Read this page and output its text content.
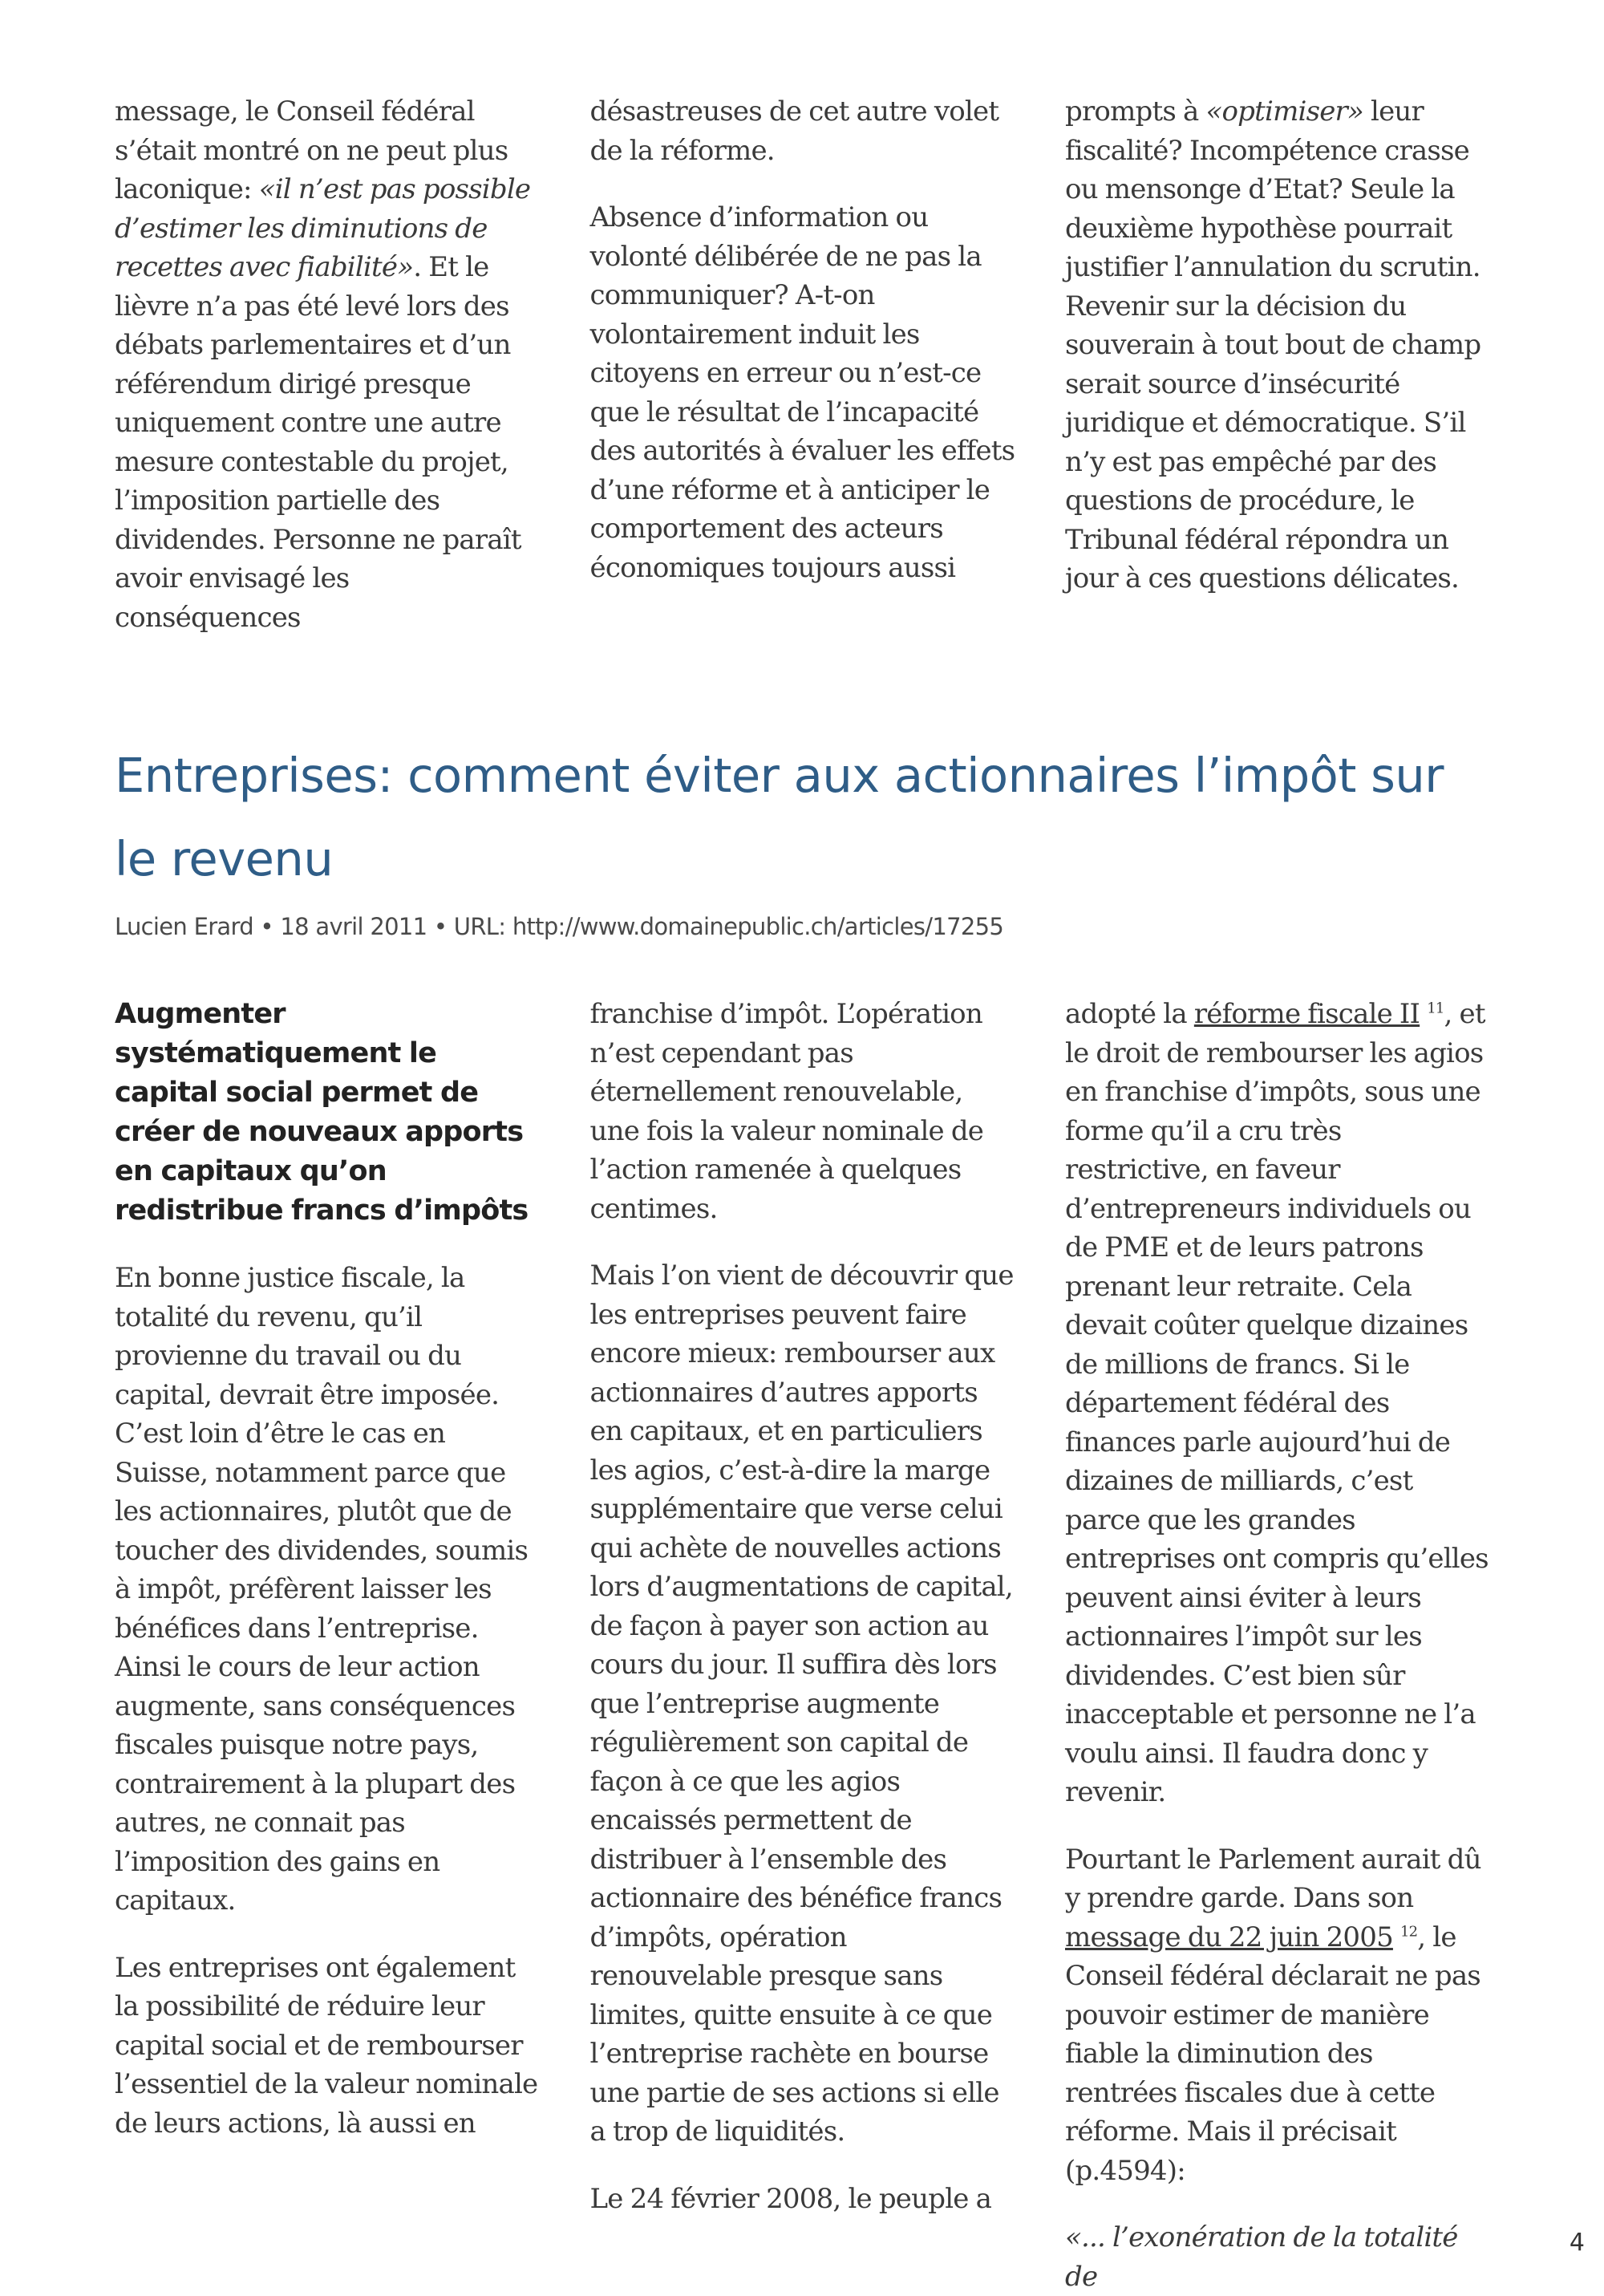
message, le Conseil fédéral s’était montré on ne peut plus laconique: «il n’est pas possible d’estimer les diminutions de recettes avec fiabilité». Et le lièvre n’a pas été levé lors des débats parlementaires et d’un référendum dirigé presque uniquement contre une autre mesure contestable du projet, l’imposition partielle des dividendes. Personne ne paraît avoir envisagé les conséquences

désastreuses de cet autre volet de la réforme.

Absence d’information ou volonté délibérée de ne pas la communiquer? A-t-on volontairement induit les citoyens en erreur ou n’est-ce que le résultat de l’incapacité des autorités à évaluer les effets d’une réforme et à anticiper le comportement des acteurs économiques toujours aussi

prompts à «optimiser» leur fiscalité? Incompétence crasse ou mensonge d’Etat? Seule la deuxième hypothèse pourrait justifier l’annulation du scrutin. Revenir sur la décision du souverain à tout bout de champ serait source d’insécurité juridique et démocratique. S’il n’y est pas empêché par des questions de procédure, le Tribunal fédéral répondra un jour à ces questions délicates.

Entreprises: comment éviter aux actionnaires l’impôt sur le revenu
Lucien Erard • 18 avril 2011 • URL: http://www.domainepublic.ch/articles/17255

Augmenter systématiquement le capital social permet de créer de nouveaux apports en capitaux qu’on redistribue francs d’impôts

En bonne justice fiscale, la totalité du revenu, qu’il provienne du travail ou du capital, devrait être imposée. C’est loin d’être le cas en Suisse, notamment parce que les actionnaires, plutôt que de toucher des dividendes, soumis à impôt, préfèrent laisser les bénéfices dans l’entreprise. Ainsi le cours de leur action augmente, sans conséquences fiscales puisque notre pays, contrairement à la plupart des autres, ne connait pas l’imposition des gains en capitaux.

Les entreprises ont également la possibilité de réduire leur capital social et de rembourser l’essentiel de la valeur nominale de leurs actions, là aussi en

franchise d’impôt. L’opération n’est cependant pas éternellement renouvelable, une fois la valeur nominale de l’action ramenée à quelques centimes.

Mais l’on vient de découvrir que les entreprises peuvent faire encore mieux: rembourser aux actionnaires d’autres apports en capitaux, et en particuliers les agios, c’est-à-dire la marge supplémentaire que verse celui qui achète de nouvelles actions lors d’augmentations de capital, de façon à payer son action au cours du jour. Il suffira dès lors que l’entreprise augmente régulièrement son capital de façon à ce que les agios encaissés permettent de distribuer à l’ensemble des actionnaire des bénéfice francs d’impôts, opération renouvelable presque sans limites, quitte ensuite à ce que l’entreprise rachète en bourse une partie de ses actions si elle a trop de liquidités.

Le 24 février 2008, le peuple a

adopté la réforme fiscale II $^{11}$, et le droit de rembourser les agios en franchise d’impôts, sous une forme qu’il a cru très restrictive, en faveur d’entrepreneurs individuels ou de PME et de leurs patrons prenant leur retraite. Cela devait coûter quelque dizaines de millions de francs. Si le département fédéral des finances parle aujourd’hui de dizaines de milliards, c’est parce que les grandes entreprises ont compris qu’elles peuvent ainsi éviter à leurs actionnaires l’impôt sur les dividendes. C’est bien sûr inacceptable et personne ne l’a voulu ainsi. Il faudra donc y revenir.

Pourtant le Parlement aurait dû y prendre garde. Dans son message du 22 juin 2005 $^{12}$, le Conseil fédéral déclarait ne pas pouvoir estimer de manière fiable la diminution des rentrées fiscales due à cette réforme. Mais il précisait (p.4594):

«... l’exonération de la totalité de

4
